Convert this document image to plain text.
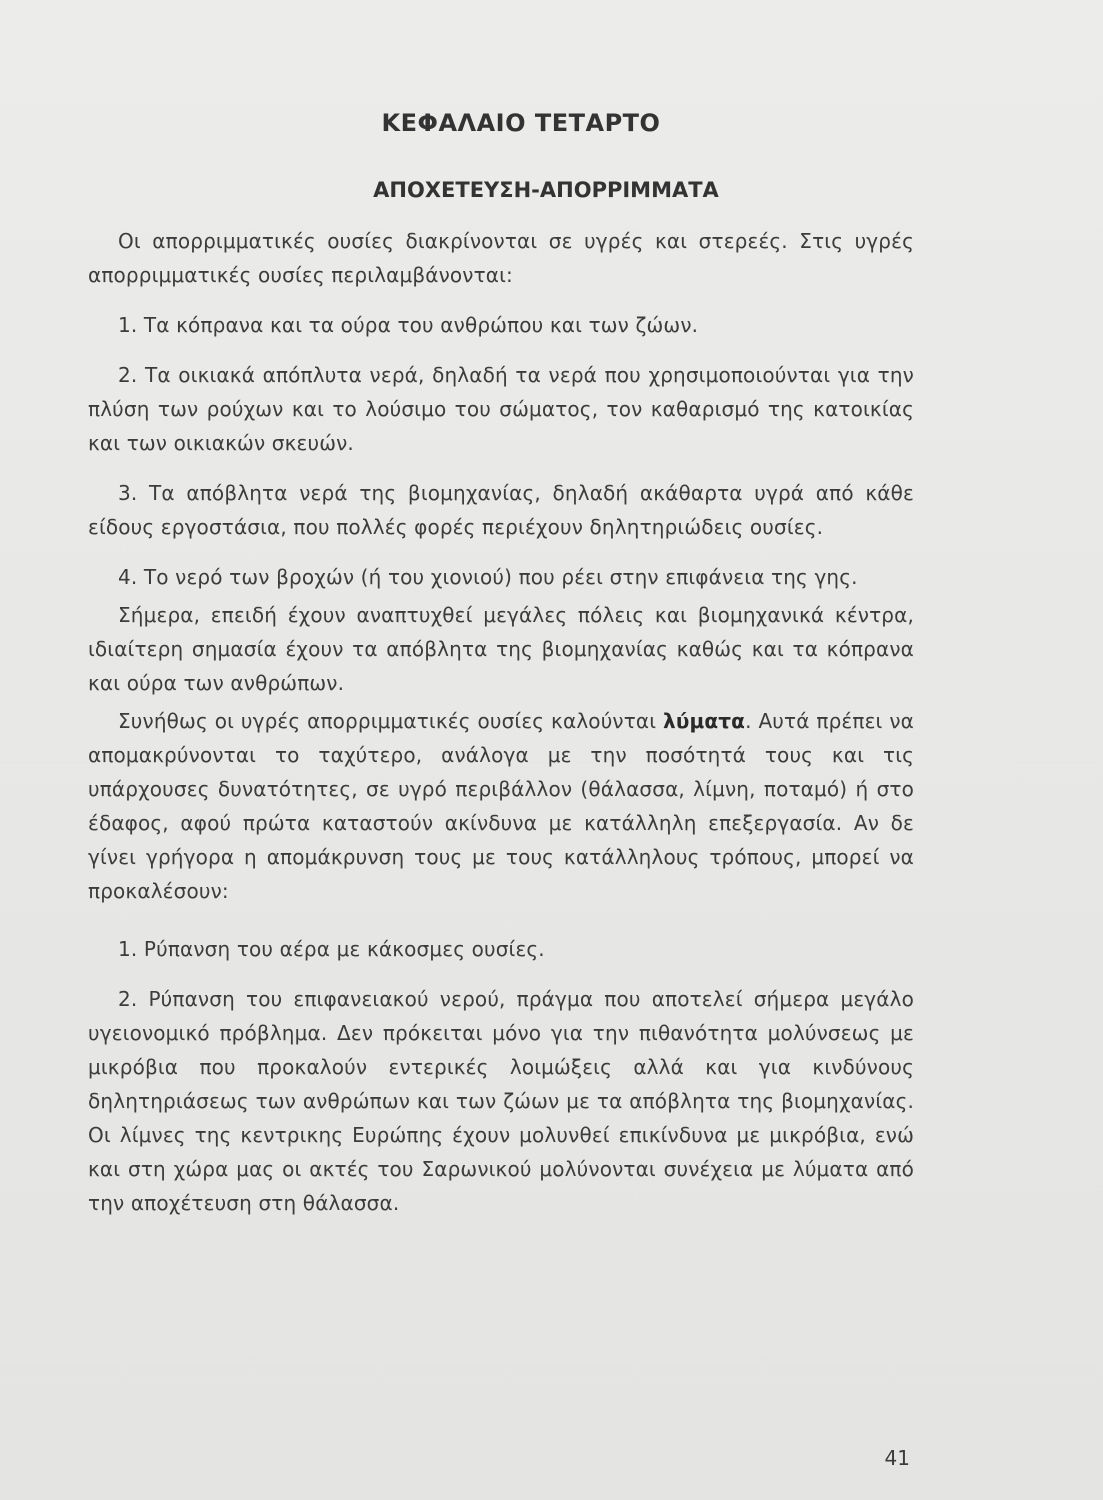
ΚΕΦΑΛΑΙΟ ΤΕΤΑΡΤΟ
ΑΠΟΧΕΤΕΥΣΗ-ΑΠΟΡΡΙΜΜΑΤΑ

Οι απορριμματικές ουσίες διακρίνονται σε υγρές και στερεές. Στις υγρές απορριμματικές ουσίες περιλαμβάνονται:

1. Τα κόπρανα και τα ούρα του ανθρώπου και των ζώων.

2. Τα οικιακά απόπλυτα νερά, δηλαδή τα νερά που χρησιμοποιούνται για την πλύση των ρούχων και το λούσιμο του σώματος, τον καθαρισμό της κατοικίας και των οικιακών σκευών.

3. Τα απόβλητα νερά της βιομηχανίας, δηλαδή ακάθαρτα υγρά από κάθε είδους εργοστάσια, που πολλές φορές περιέχουν δηλητηριώδεις ουσίες.

4. Το νερό των βροχών (ή του χιονιού) που ρέει στην επιφάνεια της γης.

Σήμερα, επειδή έχουν αναπτυχθεί μεγάλες πόλεις και βιομηχανικά κέντρα, ιδιαίτερη σημασία έχουν τα απόβλητα της βιομηχανίας καθώς και τα κόπρανα και ούρα των ανθρώπων.

Συνήθως οι υγρές απορριμματικές ουσίες καλούνται λύματα. Αυτά πρέπει να απομακρύνονται το ταχύτερο, ανάλογα με την ποσότητά τους και τις υπάρχουσες δυνατότητες, σε υγρό περιβάλλον (θάλασσα, λίμνη, ποταμό) ή στο έδαφος, αφού πρώτα καταστούν ακίνδυνα με κατάλληλη επεξεργασία. Αν δε γίνει γρήγορα η απομάκρυνση τους με τους κατάλληλους τρόπους, μπορεί να προκαλέσουν:

1. Ρύπανση του αέρα με κάκοσμες ουσίες.

2. Ρύπανση του επιφανειακού νερού, πράγμα που αποτελεί σήμερα μεγάλο υγειονομικό πρόβλημα. Δεν πρόκειται μόνο για την πιθανότητα μολύνσεως με μικρόβια που προκαλούν εντερικές λοιμώξεις αλλά και για κινδύνους δηλητηριάσεως των ανθρώπων και των ζώων με τα απόβλητα της βιομηχανίας. Οι λίμνες της κεντρικης Ευρώπης έχουν μολυνθεί επικίνδυνα με μικρόβια, ενώ και στη χώρα μας οι ακτές του Σαρωνικού μολύνονται συνέχεια με λύματα από την αποχέτευση στη θάλασσα.

41
